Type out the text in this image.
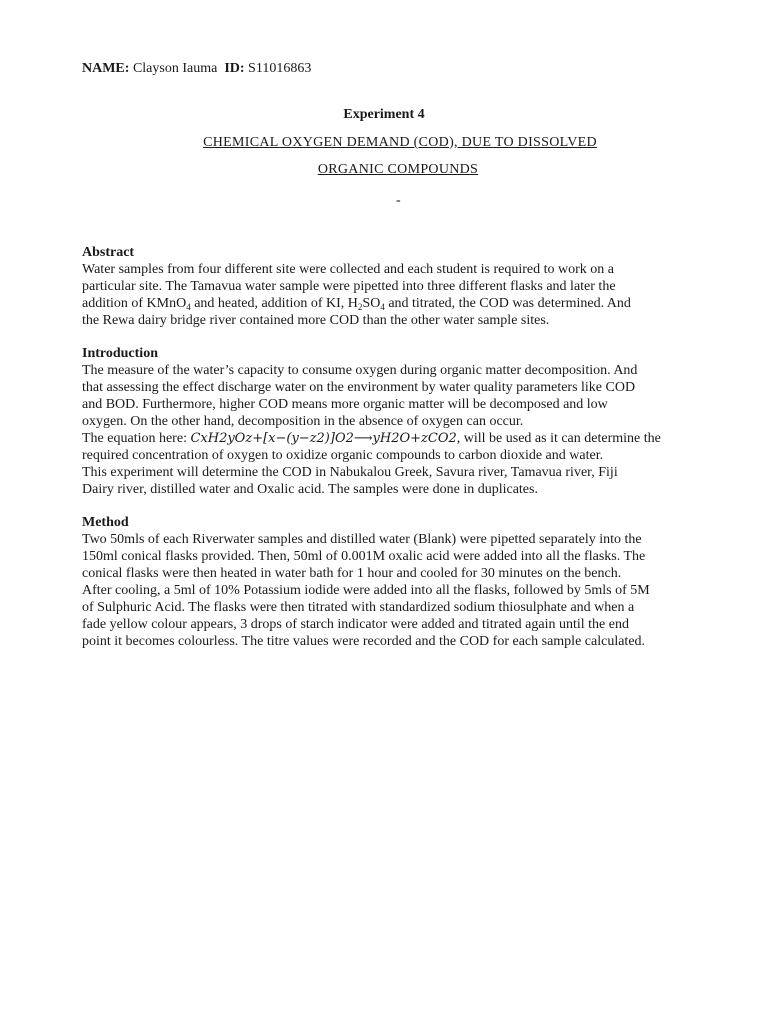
NAME: Clayson Iauma ID: S11016863
Experiment 4
CHEMICAL OXYGEN DEMAND (COD), DUE TO DISSOLVED
ORGANIC COMPOUNDS
-
Abstract

Water samples from four different site were collected and each student is required to work on a

particular site. The Tamavua water sample were pipetted into three different flasks and later the

addition of KMnO$_4$ and heated, addition of KI, $H_2SO_4$ and titrated, the COD was determined. And

the Rewa dairy bridge river contained more COD than the other water sample sites.

Introduction

The measure of the water’s capacity to consume oxygen during organic matter decomposition. And

that assessing the effect discharge water on the environment by water quality parameters like COD

and BOD. Furthermore, higher COD means more organic matter will be decomposed and low

oxygen. On the other hand, decomposition in the absence of oxygen can occur.

The equation here: CxH2yOz+[x−(y−z2)]O2⟶yH2O+zCO2, will be used as it can determine the

required concentration of oxygen to oxidize organic compounds to carbon dioxide and water.

This experiment will determine the COD in Nabukalou Greek, Savura river, Tamavua river, Fiji

Dairy river, distilled water and Oxalic acid. The samples were done in duplicates.

Method

Two 50mls of each Riverwater samples and distilled water (Blank) were pipetted separately into the

150ml conical flasks provided. Then, 50ml of 0.001M oxalic acid were added into all the flasks. The

conical flasks were then heated in water bath for 1 hour and cooled for 30 minutes on the bench.

After cooling, a 5ml of 10% Potassium iodide were added into all the flasks, followed by 5mls of 5M

of Sulphuric Acid. The flasks were then titrated with standardized sodium thiosulphate and when a

fade yellow colour appears, 3 drops of starch indicator were added and titrated again until the end

point it becomes colourless. The titre values were recorded and the COD for each sample calculated.
